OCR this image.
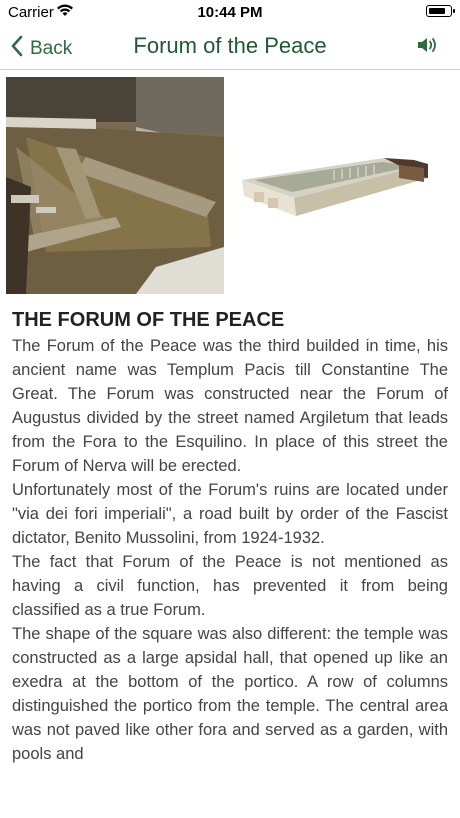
Carrier	10:44 PM
Back	Forum of the Peace
THE FORUM OF THE PEACE

The Forum of the Peace was the third builded in time, his ancient name was Templum Pacis till Constantine The Great. The Forum was constructed near the Forum of Augustus divided by the street named Argiletum that leads from the Fora to the Esquilino. In place of this street the Forum of Nerva will be erected.

Unfortunately most of the Forum's ruins are located under "via dei fori imperiali", a road built by order of the Fascist dictator, Benito Mussolini, from 1924-1932.

The fact that Forum of the Peace is not mentioned as having a civil function, has prevented it from being classified as a true Forum.

The shape of the square was also different: the temple was constructed as a large apsidal hall, that opened up like an exedra at the bottom of the portico. A row of columns distinguished the portico from the temple. The central area was not paved like other fora and served as a garden, with pools and
